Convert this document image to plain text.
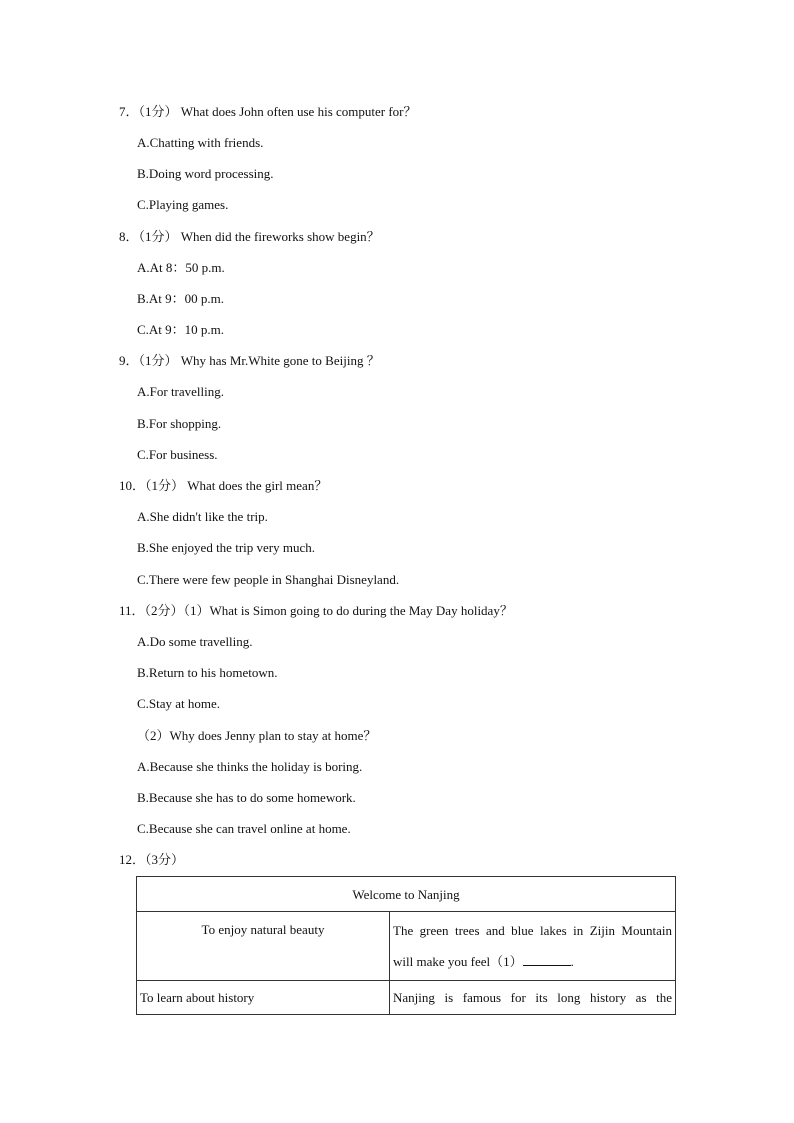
7．（1分） What does John often use his computer for？
A.Chatting with friends.
B.Doing word processing.
C.Playing games.
8．（1分） When did the fireworks show begin？
A.At 8：50 p.m.
B.At 9：00 p.m.
C.At 9：10 p.m.
9．（1分） Why has Mr.White gone to Beijing ？
A.For travelling.
B.For shopping.
C.For business.
10．（1分） What does the girl mean？
A.She didn't like the trip.
B.She enjoyed the trip very much.
C.There were few people in Shanghai Disneyland.
11．（2分）（1）What is Simon going to do during the May Day holiday？
A.Do some travelling.
B.Return to his hometown.
C.Stay at home.
（2）Why does Jenny plan to stay at home？
A.Because she thinks the holiday is boring.
B.Because she has to do some homework.
C.Because she can travel online at home.
12．（3分）
Welcome to Nanjing	
To enjoy natural beauty	The green trees and blue lakes in Zijin Mountain
will make you feel（1） .

To learn about history	Nanjing is famous for its long history as the
